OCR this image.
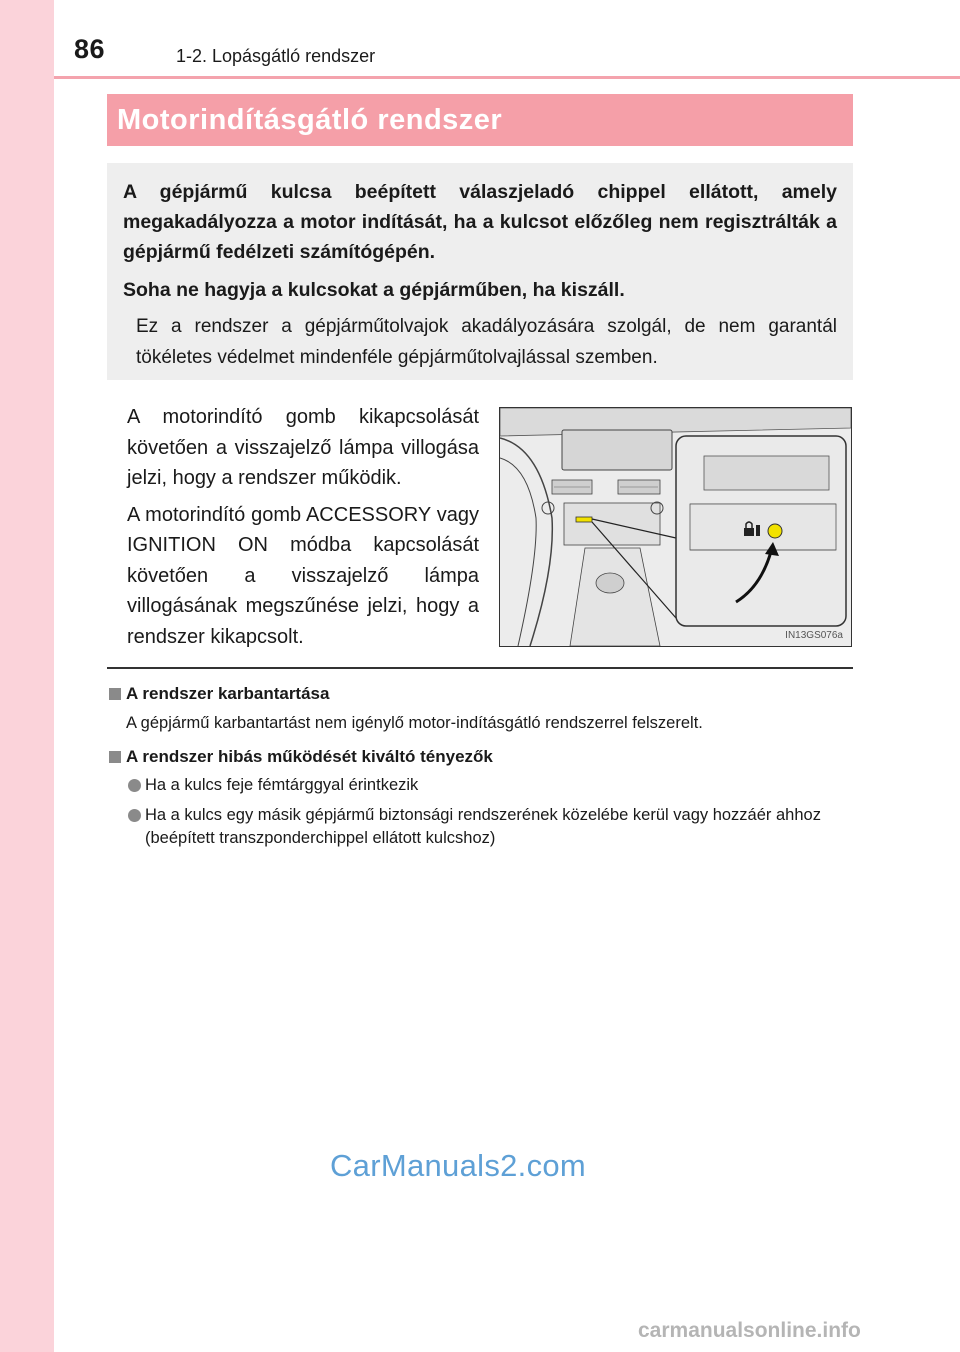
86	1-2. Lopásgátló rendszer
Motorindításgátló rendszer

A gépjármű kulcsa beépített válaszjeladó chippel ellátott, amely megakadályozza a motor indítását, ha a kulcsot előzőleg nem regisztrálták a gépjármű fedélzeti számítógépén.

Soha ne hagyja a kulcsokat a gépjárműben, ha kiszáll.

Ez a rendszer a gépjárműtolvajok akadályozására szolgál, de nem garantál tökéletes védelmet mindenféle gépjárműtolvajlással szemben.

A motorindító gomb kikapcsolását követően a visszajelző lámpa villogása jelzi, hogy a rendszer működik.

A motorindító gomb ACCESSORY vagy IGNITION ON módba kapcsolását követően a visszajelző lámpa villogásának megszűnése jelzi, hogy a rendszer kikapcsolt.	IN13GS076a
A rendszer karbantartása
A gépjármű karbantartást nem igénylő motor-indításgátló rendszerrel felszerelt.
A rendszer hibás működését kiváltó tényezők
Ha a kulcs feje fémtárggyal érintkezik
Ha a kulcs egy másik gépjármű biztonsági rendszerének közelébe kerül vagy hozzáér ahhoz (beépített transzponderchippel ellátott kulcshoz)
CarManuals2.com
carmanualsonline.info
